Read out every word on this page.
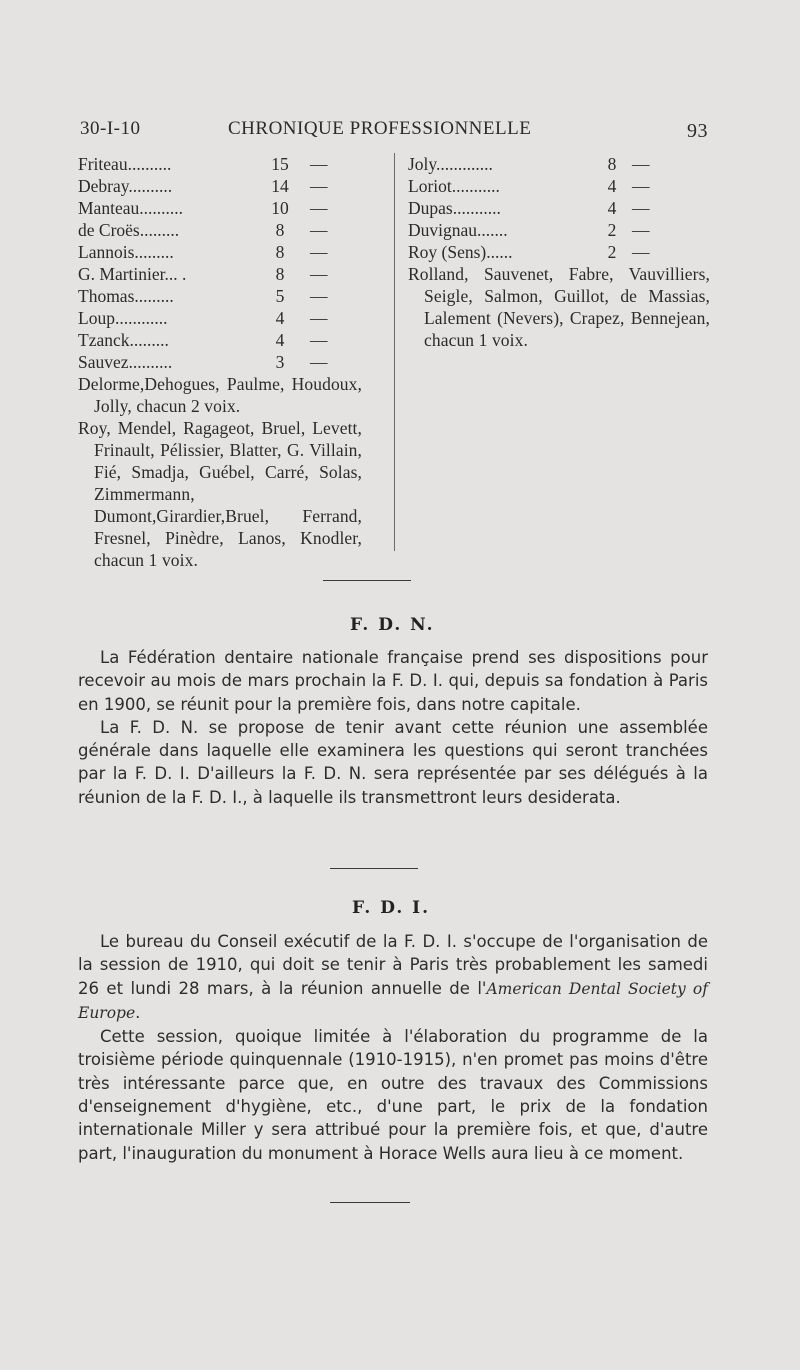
30-I-10	CHRONIQUE PROFESSIONNELLE	93
Friteau..........	15 —
Debray..........	14 —
Manteau..........	10 —
de Croës.........	8	—
Lannois.........	8	—
G. Martinier... .	8	—
Thomas.........	5	—
Loup............	4	—
Tzanck.........	4	—
Sauvez..........	3	—
Delorme,Dehogues, Paulme, Houdoux, Jolly, chacun 2 voix.
Roy, Mendel, Ragageot, Bruel, Levett, Frinault, Pélissier, Blatter, G. Villain, Fié, Smadja, Guébel, Carré, Solas, Zimmermann, Dumont,Girardier,Bruel, Ferrand, Fresnel, Pinèdre, Lanos, Knodler, chacun 1 voix.
Joly.............	8 —
Loriot...........	4 —
Dupas...........	4 —
Duvignau.......	2 —
Roy (Sens)......	2 —
Rolland, Sauvenet, Fabre, Vauvilliers, Seigle, Salmon, Guillot, de Massias, Lalement (Nevers), Crapez, Bennejean, chacun 1 voix.
F. D. N.

La Fédération dentaire nationale française prend ses dispositions pour recevoir au mois de mars prochain la F. D. I. qui, depuis sa fondation à Paris en 1900, se réunit pour la première fois, dans notre capitale.

La F. D. N. se propose de tenir avant cette réunion une assemblée générale dans laquelle elle examinera les questions qui seront tranchées par la F. D. I. D'ailleurs la F. D. N. sera représentée par ses délégués à la réunion de la F. D. I., à laquelle ils transmettront leurs desiderata.

F. D. I.

Le bureau du Conseil exécutif de la F. D. I. s'occupe de l'organisation de la session de 1910, qui doit se tenir à Paris très probablement les samedi 26 et lundi 28 mars, à la réunion annuelle de l'American Dental Society of Europe.

Cette session, quoique limitée à l'élaboration du programme de la troisième période quinquennale (1910-1915), n'en promet pas moins d'être très intéressante parce que, en outre des travaux des Commissions d'enseignement d'hygiène, etc., d'une part, le prix de la fondation internationale Miller y sera attribué pour la première fois, et que, d'autre part, l'inauguration du monument à Horace Wells aura lieu à ce moment.
